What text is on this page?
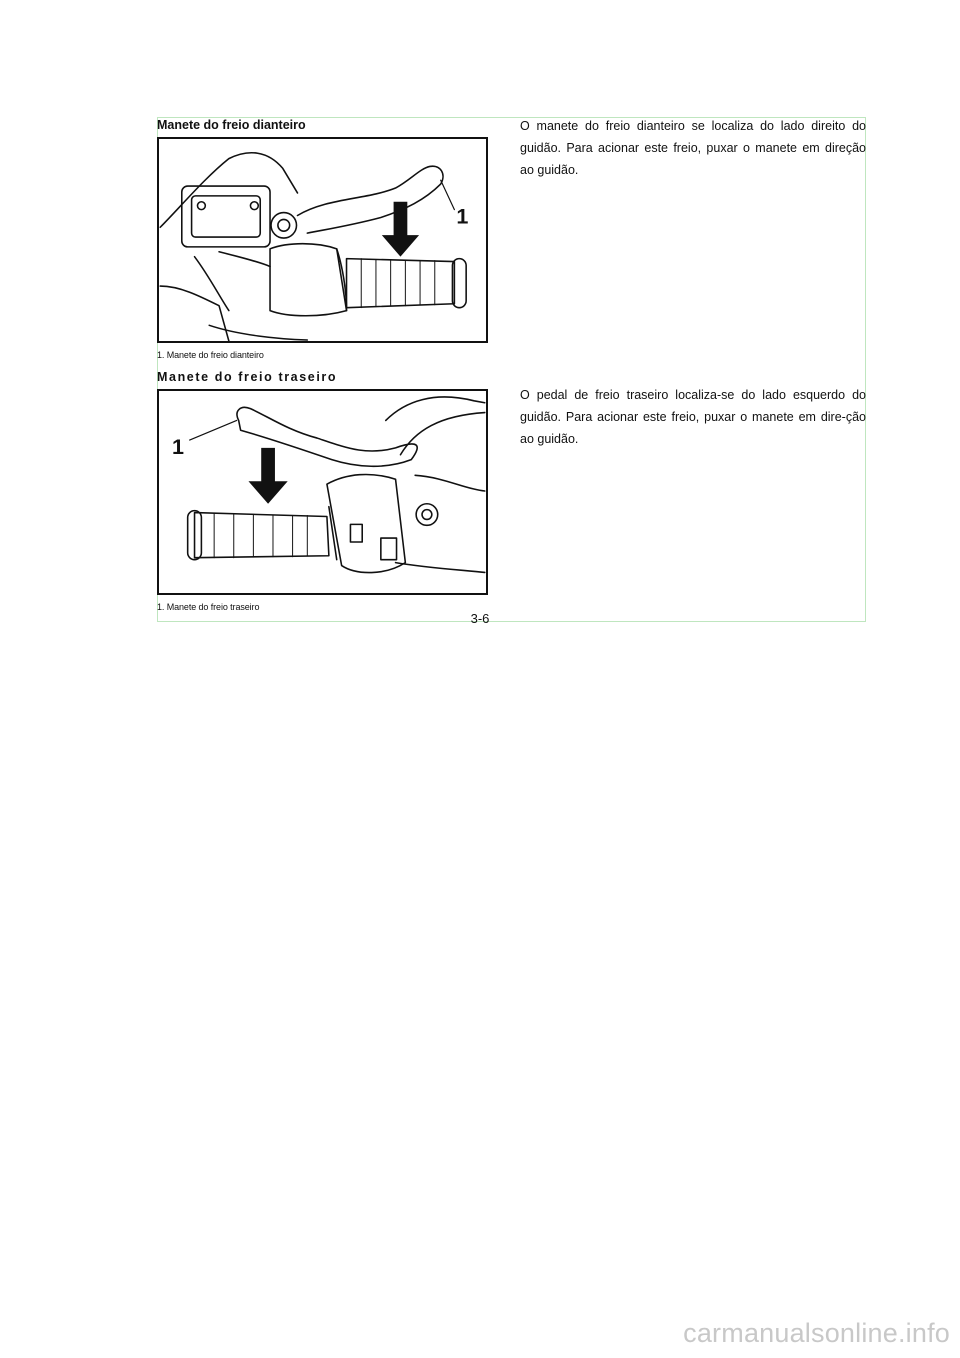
Manete do freio dianteiro
1
1. Manete do freio dianteiro
O manete do freio dianteiro se localiza do lado direito do guidão. Para acionar este freio, puxar o manete em direção ao guidão.
Manete do freio traseiro
1
1. Manete do freio traseiro
O pedal de freio traseiro localiza-se do lado esquerdo do guidão. Para acionar este freio, puxar o manete em dire-ção ao guidão.
3-6
carmanualsonline.info
